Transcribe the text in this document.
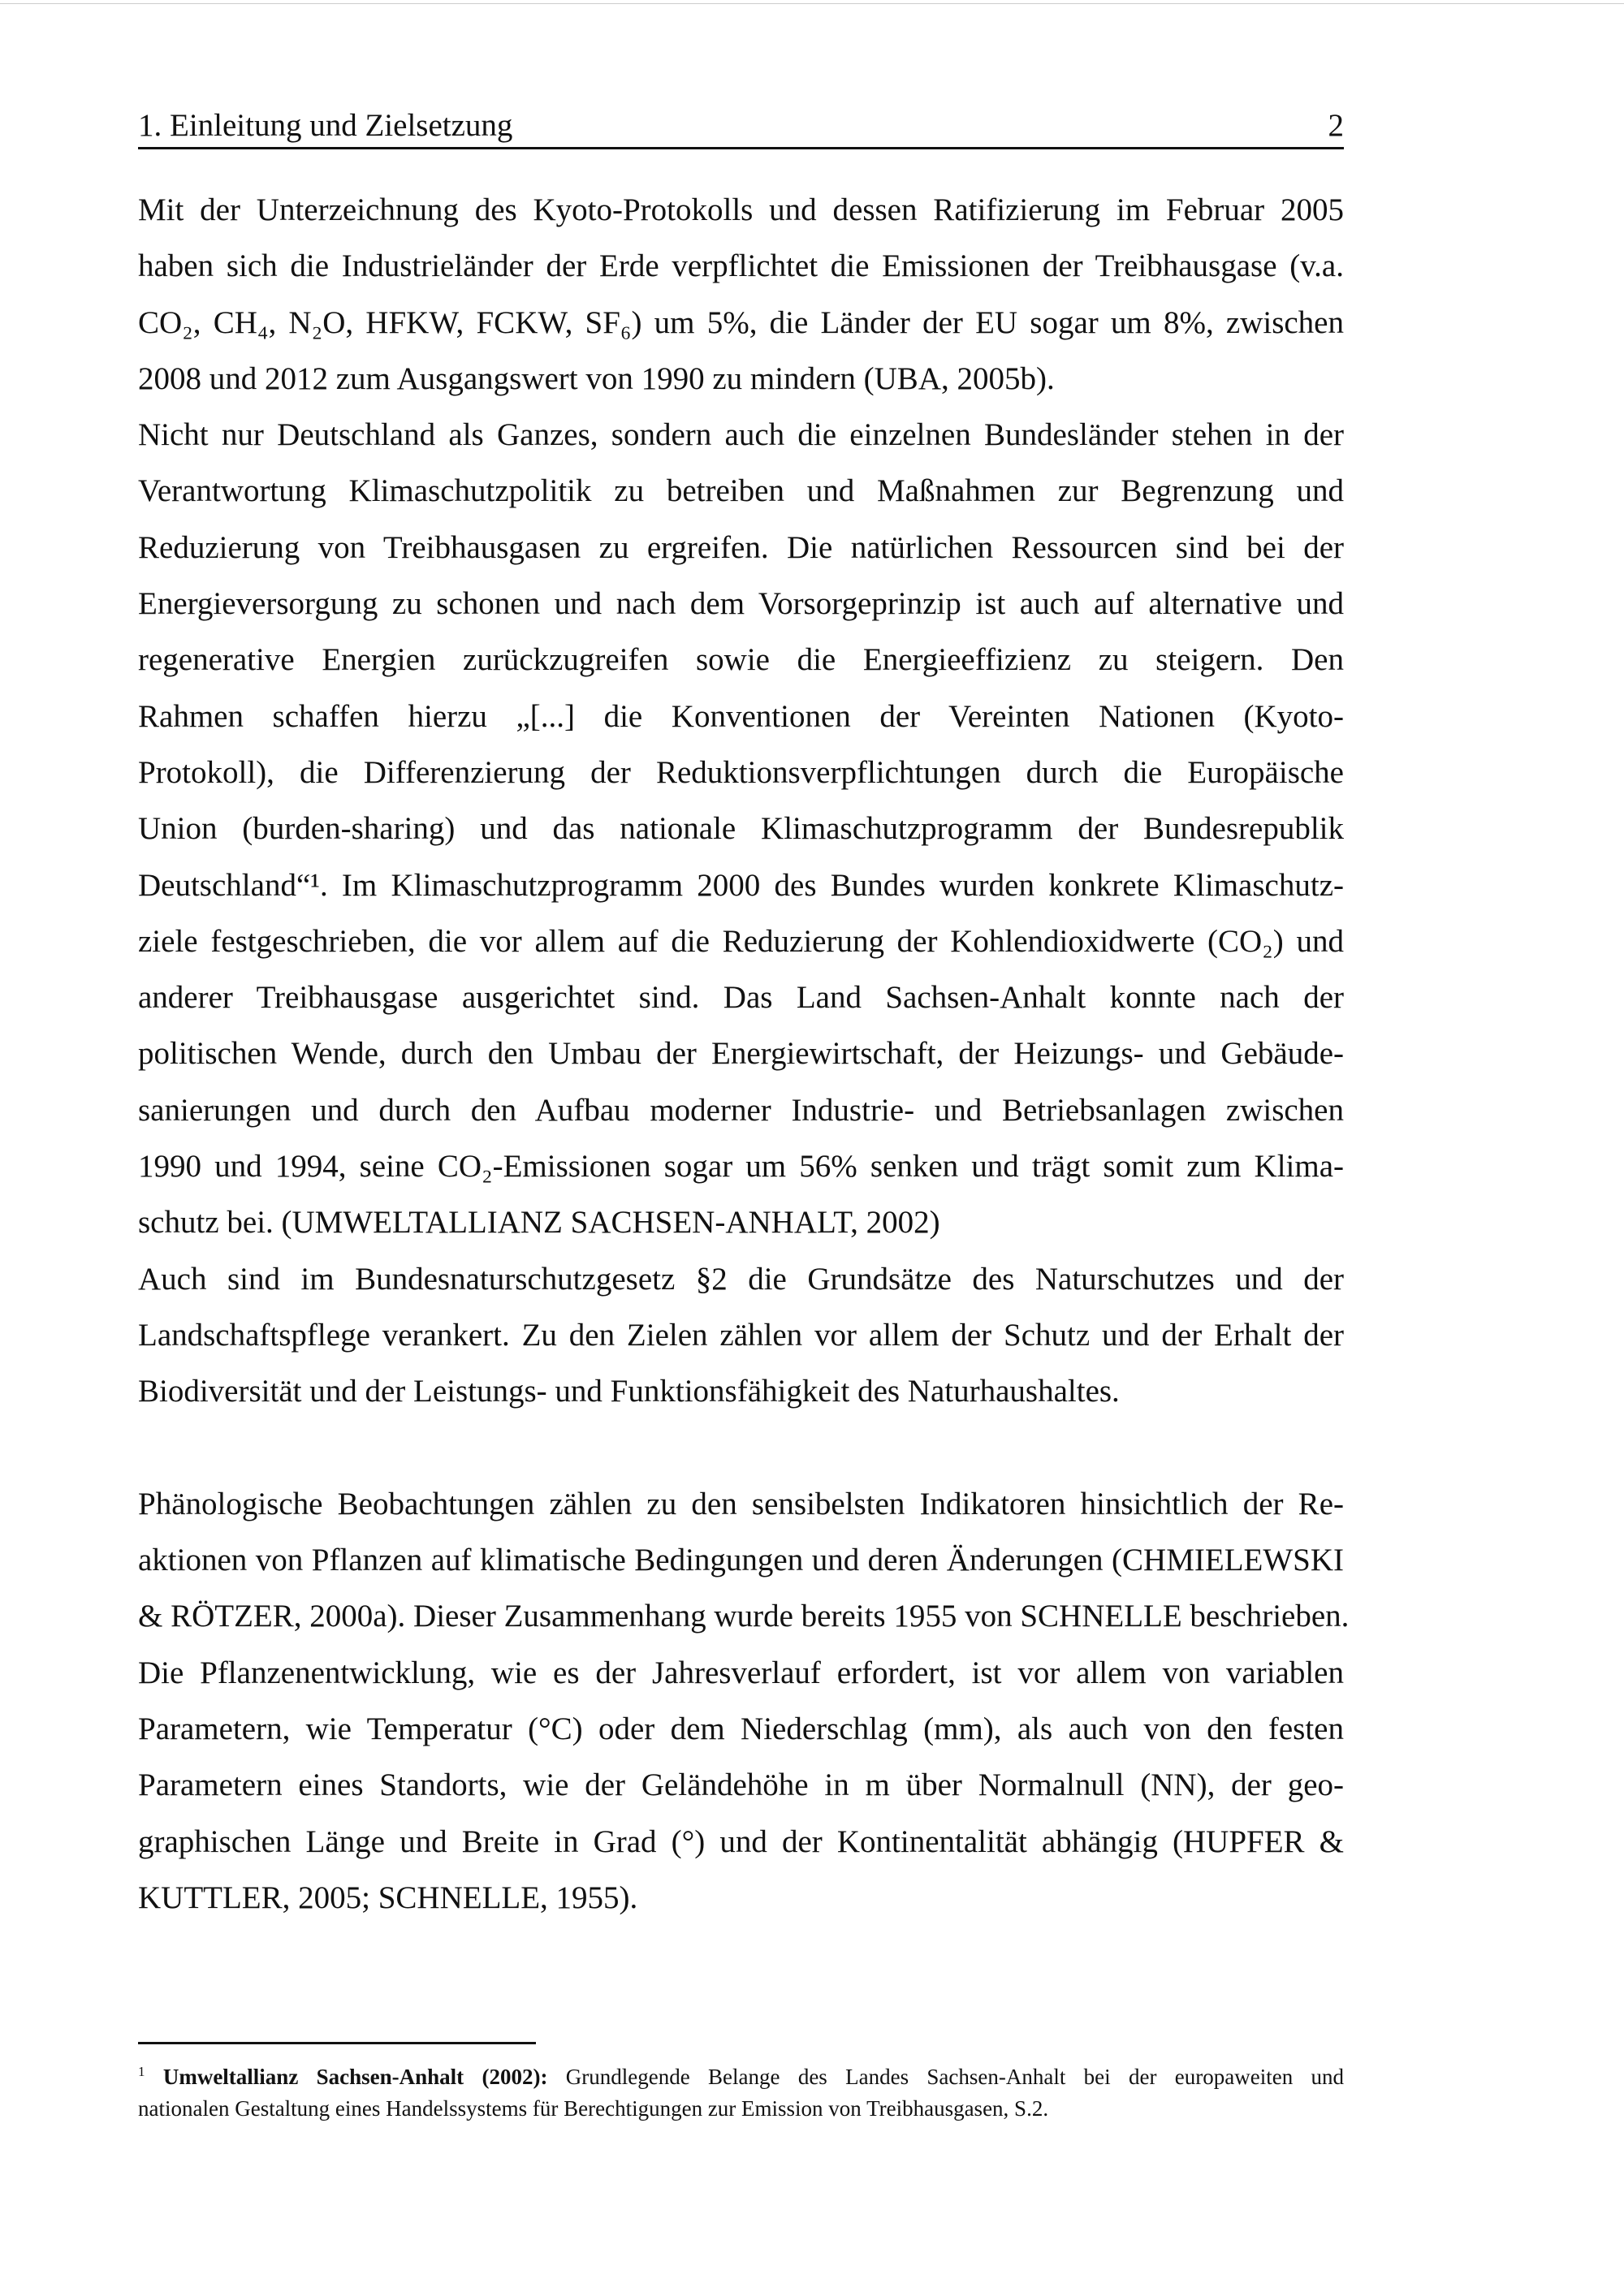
1. Einleitung und Zielsetzung	2
Mit der Unterzeichnung des Kyoto-Protokolls und dessen Ratifizierung im Februar 2005
haben sich die Industrieländer der Erde verpflichtet die Emissionen der Treibhausgase (v.a.
CO₂, CH₄, N₂O, HFKW, FCKW, SF₆) um 5%, die Länder der EU sogar um 8%, zwischen
2008 und 2012 zum Ausgangswert von 1990 zu mindern (UBA, 2005b).
Nicht nur Deutschland als Ganzes, sondern auch die einzelnen Bundesländer stehen in der
Verantwortung Klimaschutzpolitik zu betreiben und Maßnahmen zur Begrenzung und
Reduzierung von Treibhausgasen zu ergreifen. Die natürlichen Ressourcen sind bei der
Energieversorgung zu schonen und nach dem Vorsorgeprinzip ist auch auf alternative und
regenerative Energien zurückzugreifen sowie die Energieeffizienz zu steigern. Den
Rahmen schaffen hierzu „[...] die Konventionen der Vereinten Nationen (Kyoto-
Protokoll), die Differenzierung der Reduktionsverpflichtungen durch die Europäische
Union (burden-sharing) und das nationale Klimaschutzprogramm der Bundesrepublik
Deutschland“¹. Im Klimaschutzprogramm 2000 des Bundes wurden konkrete Klimaschutz-
ziele festgeschrieben, die vor allem auf die Reduzierung der Kohlendioxidwerte (CO₂) und
anderer Treibhausgase ausgerichtet sind. Das Land Sachsen-Anhalt konnte nach der
politischen Wende, durch den Umbau der Energiewirtschaft, der Heizungs- und Gebäude-
sanierungen und durch den Aufbau moderner Industrie- und Betriebsanlagen zwischen
1990 und 1994, seine CO₂-Emissionen sogar um 56% senken und trägt somit zum Klima-
schutz bei. (UMWELTALLIANZ SACHSEN-ANHALT, 2002)
Auch sind im Bundesnaturschutzgesetz §2 die Grundsätze des Naturschutzes und der
Landschaftspflege verankert. Zu den Zielen zählen vor allem der Schutz und der Erhalt der
Biodiversität und der Leistungs- und Funktionsfähigkeit des Naturhaushaltes.
Phänologische Beobachtungen zählen zu den sensibelsten Indikatoren hinsichtlich der Re-
aktionen von Pflanzen auf klimatische Bedingungen und deren Änderungen (CHMIELEWSKI
& RÖTZER, 2000a). Dieser Zusammenhang wurde bereits 1955 von SCHNELLE beschrieben.
Die Pflanzenentwicklung, wie es der Jahresverlauf erfordert, ist vor allem von variablen
Parametern, wie Temperatur (°C) oder dem Niederschlag (mm), als auch von den festen
Parametern eines Standorts, wie der Geländehöhe in m über Normalnull (NN), der geo-
graphischen Länge und Breite in Grad (°) und der Kontinentalität abhängig (HUPFER &
KUTTLER, 2005; SCHNELLE, 1955).
$^1$ Umweltallianz Sachsen-Anhalt (2002): Grundlegende Belange des Landes Sachsen-Anhalt bei der europaweiten und
nationalen Gestaltung eines Handelssystems für Berechtigungen zur Emission von Treibhausgasen, S.2.
